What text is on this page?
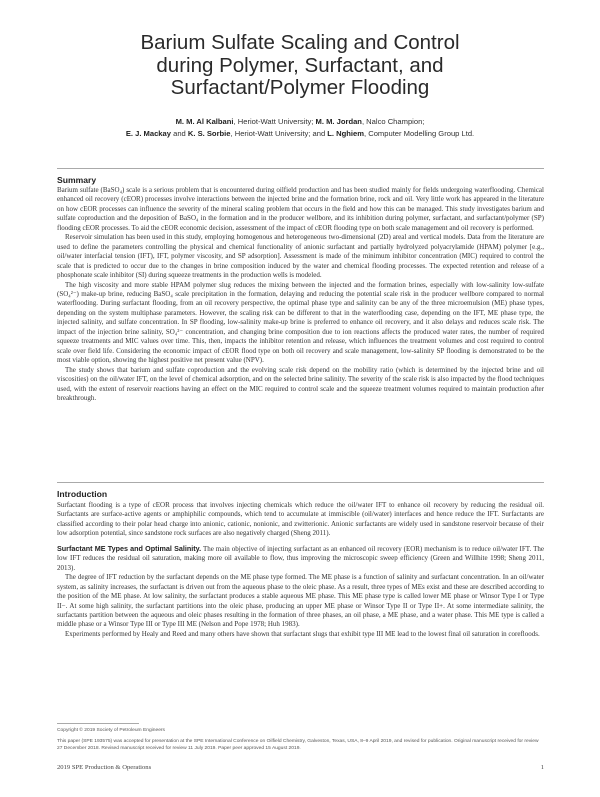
Barium Sulfate Scaling and Control
during Polymer, Surfactant, and
Surfactant/Polymer Flooding
M. M. Al Kalbani, Heriot-Watt University; M. M. Jordan, Nalco Champion;
E. J. Mackay and K. S. Sorbie, Heriot-Watt University; and L. Nghiem, Computer Modelling Group Ltd.
Summary

Barium sulfate (BaSO₄) scale is a serious problem that is encountered during oilfield production and has been studied mainly for fields undergoing waterflooding. Chemical enhanced oil recovery (cEOR) processes involve interactions between the injected brine and the formation brine, rock and oil. Very little work has appeared in the literature on how cEOR processes can influence the severity of the mineral scaling problem that occurs in the field and how this can be managed. This study investigates barium and sulfate coproduction and the deposition of BaSO₄ in the formation and in the producer wellbore, and its inhibition during polymer, surfactant, and surfactant/polymer (SP) flooding cEOR processes. To aid the cEOR economic decision, assessment of the impact of cEOR flooding type on both scale management and oil recovery is performed.

Reservoir simulation has been used in this study, employing homogenous and heterogeneous two-dimensional (2D) areal and vertical models. Data from the literature are used to define the parameters controlling the physical and chemical functionality of anionic surfactant and partially hydrolyzed polyacrylamide (HPAM) polymer [e.g., oil/water interfacial tension (IFT), IFT, polymer viscosity, and SP adsorption]. Assessment is made of the minimum inhibitor concentration (MIC) required to control the scale that is predicted to occur due to the changes in brine composition induced by the water and chemical flooding processes. The expected retention and release of a phosphonate scale inhibitor (SI) during squeeze treatments in the production wells is modeled.

The high viscosity and more stable HPAM polymer slug reduces the mixing between the injected and the formation brines, especially with low-salinity low-sulfate (SO₄²⁻) make-up brine, reducing BaSO₄ scale precipitation in the formation, delaying and reducing the potential scale risk in the producer wellbore compared to normal waterflooding. During surfactant flooding, from an oil recovery perspective, the optimal phase type and salinity can be any of the three microemulsion (ME) phase types, depending on the system multiphase parameters. However, the scaling risk can be different to that in the waterflooding case, depending on the IFT, ME phase type, the injected salinity, and sulfate concentration. In SP flooding, low-salinity make-up brine is preferred to enhance oil recovery, and it also delays and reduces scale risk. The impact of the injection brine salinity, SO₄²⁻ concentration, and changing brine composition due to ion reactions affects the produced water rates, the number of required squeeze treatments and MIC values over time. This, then, impacts the inhibitor retention and release, which influences the treatment volumes and cost required to control scale over field life. Considering the economic impact of cEOR flood type on both oil recovery and scale management, low-salinity SP flooding is demonstrated to be the most viable option, showing the highest positive net present value (NPV).

The study shows that barium and sulfate coproduction and the evolving scale risk depend on the mobility ratio (which is determined by the injected brine and oil viscosities) on the oil/water IFT, on the level of chemical adsorption, and on the selected brine salinity. The severity of the scale risk is also impacted by the flood techniques used, with the extent of reservoir reactions having an effect on the MIC required to control scale and the squeeze treatment volumes required to maintain production after breakthrough.

Introduction

Surfactant flooding is a type of cEOR process that involves injecting chemicals which reduce the oil/water IFT to enhance oil recovery by reducing the residual oil. Surfactants are surface-active agents or amphiphilic compounds, which tend to accumulate at immiscible (oil/water) interfaces and hence reduce the IFT. Surfactants are classified according to their polar head charge into anionic, cationic, nonionic, and zwitterionic. Anionic surfactants are widely used in sandstone reservoir because of their low adsorption potential, since sandstone rock surfaces are also negatively charged (Sheng 2011).

Surfactant ME Types and Optimal Salinity. The main objective of injecting surfactant as an enhanced oil recovery (EOR) mechanism is to reduce oil/water IFT. The low IFT reduces the residual oil saturation, making more oil available to flow, thus improving the microscopic sweep efficiency (Green and Willhite 1998; Sheng 2011, 2013).

The degree of IFT reduction by the surfactant depends on the ME phase type formed. The ME phase is a function of salinity and surfactant concentration. In an oil/water system, as salinity increases, the surfactant is driven out from the aqueous phase to the oleic phase. As a result, three types of MEs exist and these are described according to the position of the ME phase. At low salinity, the surfactant produces a stable aqueous ME phase. This ME phase type is called lower ME phase or Winsor Type I or Type II−. At some high salinity, the surfactant partitions into the oleic phase, producing an upper ME phase or Winsor Type II or Type II+. At some intermediate salinity, the surfactants partition between the aqueous and oleic phases resulting in the formation of three phases, an oil phase, a ME phase, and a water phase. This ME type is called a middle phase or a Winsor Type III or Type III ME (Nelson and Pope 1978; Huh 1983).

Experiments performed by Healy and Reed and many others have shown that surfactant slugs that exhibit type III ME lead to the lowest final oil saturation in corefloods.

Copyright © 2019 Society of Petroleum Engineers
This paper (SPE 193575) was accepted for presentation at the SPE International Conference on Oilfield Chemistry, Galveston, Texas, USA, 8–9 April 2019, and revised for publication. Original manuscript received for review 27 December 2018. Revised manuscript received for review 11 July 2019. Paper peer approved 15 August 2019.
2019 SPE Production & Operations	1
